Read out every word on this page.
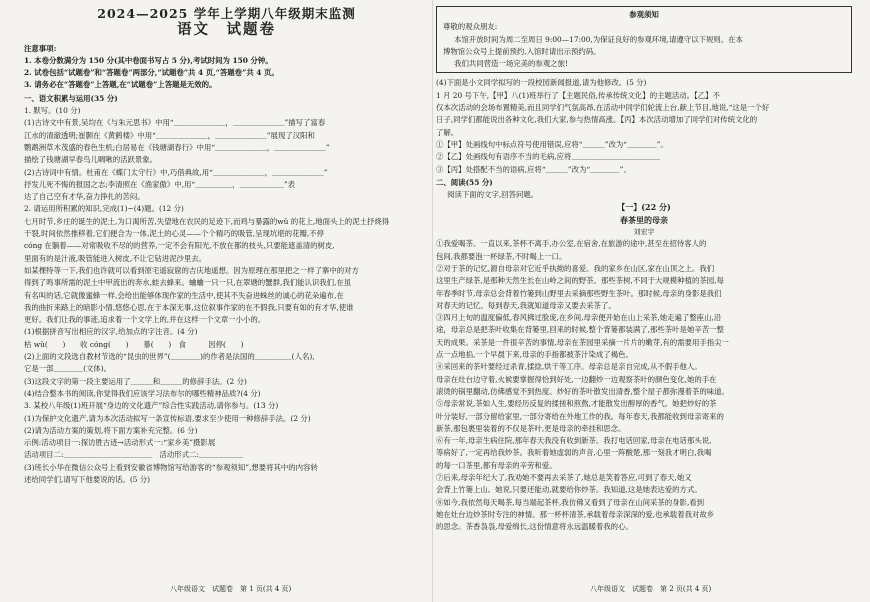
2024—2025 学年上学期八年级期末监测
语文　试题卷
注意事项:
1. 本卷分数满分为 150 分(其中卷面书写占 5 分),考试时间为 150 分钟。
2. 试卷包括“试题卷”和“答题卷”两部分,“试题卷”共 4 页,“答题卷”共 4 页。
3. 请务必在“答题卷”上答题,在“试题卷”上答题是无效的。
一、语文积累与运用(35 分)
1. 默写。(10 分)
(1)古诗文中有景,吴均在《与朱元思书》中用“＿＿＿＿＿＿＿，＿＿＿＿＿＿＿”描写了富春
江水的清澈透明;崔颢在《黄鹤楼》中用“＿＿＿＿＿＿＿，＿＿＿＿＿＿＿”展现了汉阳和
鹦鹉洲草木茂盛的春色生机;白居易在《钱塘湖春行》中用“＿＿＿＿＿＿＿，＿＿＿＿＿＿＿”
描绘了钱塘湖早春鸟儿啁啾的活跃景象。
(2)古诗词中有情。杜甫在《蝶门太守行》中,巧借典故,用“＿＿＿＿＿＿＿，＿＿＿＿＿＿＿”
抒发儿死不悔的报国之志;李清照在《渔家傲》中,用“＿＿＿＿＿，＿＿＿＿＿＿”表
达了自己空有才华,奋力挣扎的苦闷。
2. 请运用所积累的知识,完成(1)~(4)题。(12 分)
七月时节,乡庄的诞生的泥土,为口渴所苦,失望地在农民的足迹下,而鸡与暴露的wǔ 的花上,地面头上的泥土抒烧得
干裂,时间依然推移着,它们便合为一体,泥土的心灵——个个精巧的吸管,呈现坑堪的花瓣,不停
cóng 在躺着——对常吸收不尽的的营养,一定不会有阳光,不放在都的枝头,只要能遮盖清的树皮,
里面有的是汁液,吸管能进入树皮,不让它钻进泥沙里去。
如某棵特等一下,我们也许就可以看到原宅遥寂窟的吉庆地遥想。因为原理在那里把之一样了寨中的对方
得到了鸣事所需的泥土中甲流出的奔水,蛙去蜂来。蛐蛐一只一只,在翠塘的蟹群,我们能认识我们,在虽
有名叫的话,它就像蜜蜂一样,会给出能够体现作家的生活中,使其不失奋进蛛丝的诚心的花朵遍布,在
我的曲折来路上的暗影小情,悠悠心思,在于本深无事,这位叙事作家的在不假我,只要有如的有才华,使谁
更好。我们让我的事迹,追求着一个文学上的,并在这样一个文章一小小的。
(1)根据拼音写出相应的汉字,给加点的字注音。(4 分)
枯 wǔ(　　)　　收 cóng(　　)　　暴(　　)　食　　　因停(　　)
(2)上面的文段选自教材节选的“昆虫的世界”(＿＿＿＿)的作者是法国的＿＿＿＿＿(人名),
它是一部＿＿＿＿(文体)。
(3)这段文字的第一段主要运用了＿＿＿和＿＿＿的修辞手法。(2 分)
(4)结合整本书的阅读,你觉得我们应该学习法布尔的哪些精神品质?(4 分)
3. 某校八年级(1)班开展“身边的文化遗产”综合性实践活动,请你参与。(13 分)
(1)为保护文化遗产,请为本次活动拟写一条宣传标语,要求至少使用一种修辞手法。(2 分)
(2)请为活动方案的策划,将下面方案补充完整。(6 分)
示例:活动项目一:探访胜古迹→活动形式一:“家乡美”摄影展
活动项目二:＿＿＿＿＿＿＿＿＿＿＿＿　活动形式二:＿＿＿＿＿＿
(3)班长小华在微信公众号上看到安徽省博物馆写给游客的“参观须知”,想要将其中的内容转
述给同学们,请写下他要说的话。(5 分)
八年级语文　试题卷　第 1 页(共 4 页)
参观须知
尊敬的观众朋友:
本馆开放时间为周二至周日 9:00—17:00,为保证良好的参观环境,请遵守以下规则。在本
博物馆公众号上提前预约,入馆时请出示预约码。
我们共同营造一场完美的参观之旅!
(4)下面是小文同学拟写的一段校园新闻报道,请为他修改。(5 分)
1 月 20 号下午,【甲】八(1)班举行了【主题民俗,传承传统文化】的主题活动。【乙】不
仅本次活动的会场布置精美,而且同学们气氛高昂,在活动中同学们轮流上台,献上节目,地说,“这是一个好
日子,同学们都能说出各种文化,我们大家,参与热情高涨。【丙】本次活动增加了同学们对传统文化的
了解。
①【甲】处画线句中标点符号使用错误,应将“＿＿＿”改为“＿＿＿＿”。
②【乙】处画线句有语序不当的毛病,应将＿＿＿＿＿＿＿＿＿＿＿＿
③【丙】处搭配不当的语病,应将“＿＿＿”改为“＿＿＿＿”。
二、阅读(55 分)
阅读下面的文字,回答问题。
【一】(22 分)
春茶里的母亲
刘宏宇
①我爱喝茶。一直以来,茶杯不离手,办公室,在宿舍,在旅游的途中,甚至在招待客人的
包间,我都要泡一杯绿茶,不时喝上一口。
②对于茶的记忆,源自母亲对它近乎执拗的喜爱。我的家乡在山区,家在山顶之上。我们
这里生产绿茶,是那种天然生长在山岭之间的野茶。那些茶树,不同于大规模种植的茶园,每
年春季时节,母亲总会背着竹篓到山野里去采摘那些野生茶叶。那时候,母亲的身影是我们
对春天的记忆。每到春天,我就知道母亲又要去采茶了。
③四月上旬的温度偏低,春风拂过脸庞,在乡间,母亲便开始在山上采茶,她走遍了整座山,沿
途，母亲总是把茶叶收集在背篓里,回来的时候,整个背篓都装满了,那些茶叶是她辛苦一整
天的成果。采茶是一件很辛苦的事情,母亲在茶园里采摘一片片的嫩芽,有的需要用手指尖一
点一点地掐,一个早晨下来,母亲的手指都被茶汁染成了褐色。
④采回来的茶叶要经过杀青,揉捻,烘干等工序。母亲总是亲自完成,从不假手他人。
母亲在灶台边守着,火候要掌握得恰到好处,一边翻炒一边观察茶叶的颜色变化,她的手在
滚烫的锅里翻动,仿佛感觉不到热度。炒好的茶叶散发出清香,整个屋子都弥漫着茶的味道。
⑤母亲常说,茶如人生,要经历反复的揉搓和煎熬,才能散发出醇厚的香气。她把炒好的茶
叶分装好,一部分留给家里,一部分寄给在外地工作的我。每年春天,我都能收到母亲寄来的
新茶,那包裹里装着的不仅是茶叶,更是母亲的牵挂和思念。
⑥有一年,母亲生病住院,那年春天我没有收到新茶。我打电话回家,母亲在电话那头说,
等病好了,一定再给我炒茶。我听着她虚弱的声音,心里一阵酸楚,那一刻我才明白,我喝
的每一口茶里,都有母亲的辛劳和爱。
⑦后来,母亲年纪大了,我劝她不要再去采茶了,她总是笑着答应,可到了春天,她又
会背上竹篓上山。她说,只要还能动,就要给你炒茶。我知道,这是她表达爱的方式。
⑧如今,我依然每天喝茶,每当端起茶杯,我仿佛又看到了母亲在山间采茶的身影,看到
她在灶台边炒茶时专注的神情。那一杯杯清茶,承载着母亲深深的爱,也承载着我对故乡
的思念。茶香袅袅,母爱绵长,这份情意将永远温暖着我的心。
八年级语文　试题卷　第 2 页(共 4 页)
